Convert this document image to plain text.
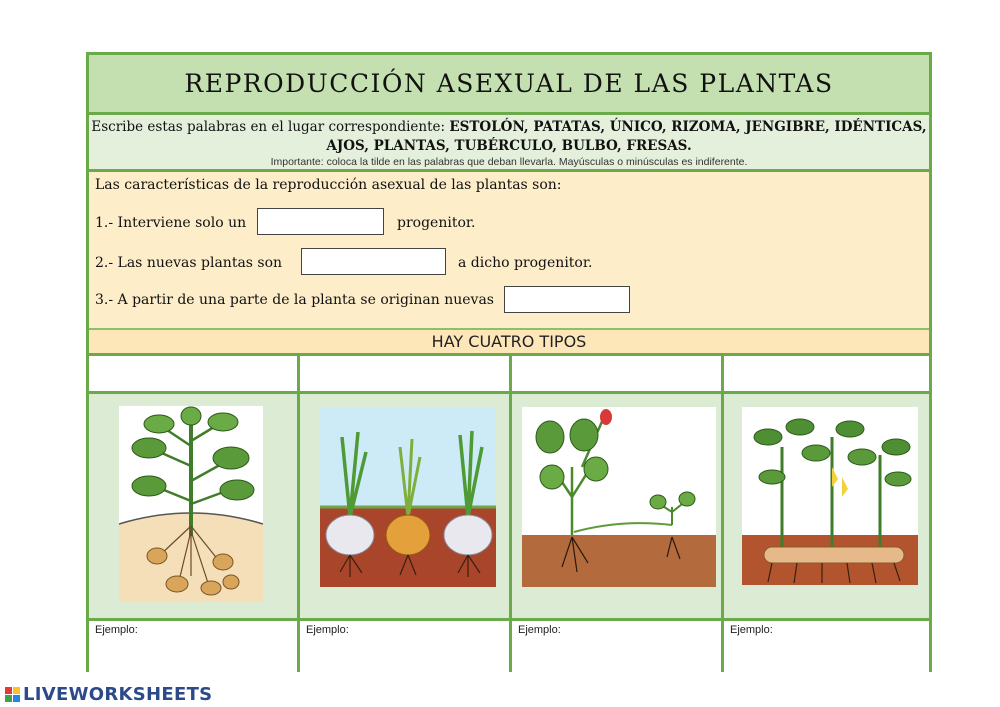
REPRODUCCIÓN ASEXUAL DE LAS PLANTAS
Escribe estas palabras en el lugar correspondiente: ESTOLÓN, PATATAS, ÚNICO, RIZOMA, JENGIBRE, IDÉNTICAS,
AJOS, PLANTAS, TUBÉRCULO, BULBO, FRESAS.
Importante: coloca la tilde en las palabras que deban llevarla. Mayúsculas o minúsculas es indiferente.
Las características de la reproducción asexual de las plantas son:
1.- Interviene solo un	progenitor.
2.- Las nuevas plantas son	a dicho progenitor.
3.- A partir de una parte de la planta se originan nuevas
HAY CUATRO TIPOS
Ejemplo:	Ejemplo:	Ejemplo:	Ejemplo:
LIVEWORKSHEETS
